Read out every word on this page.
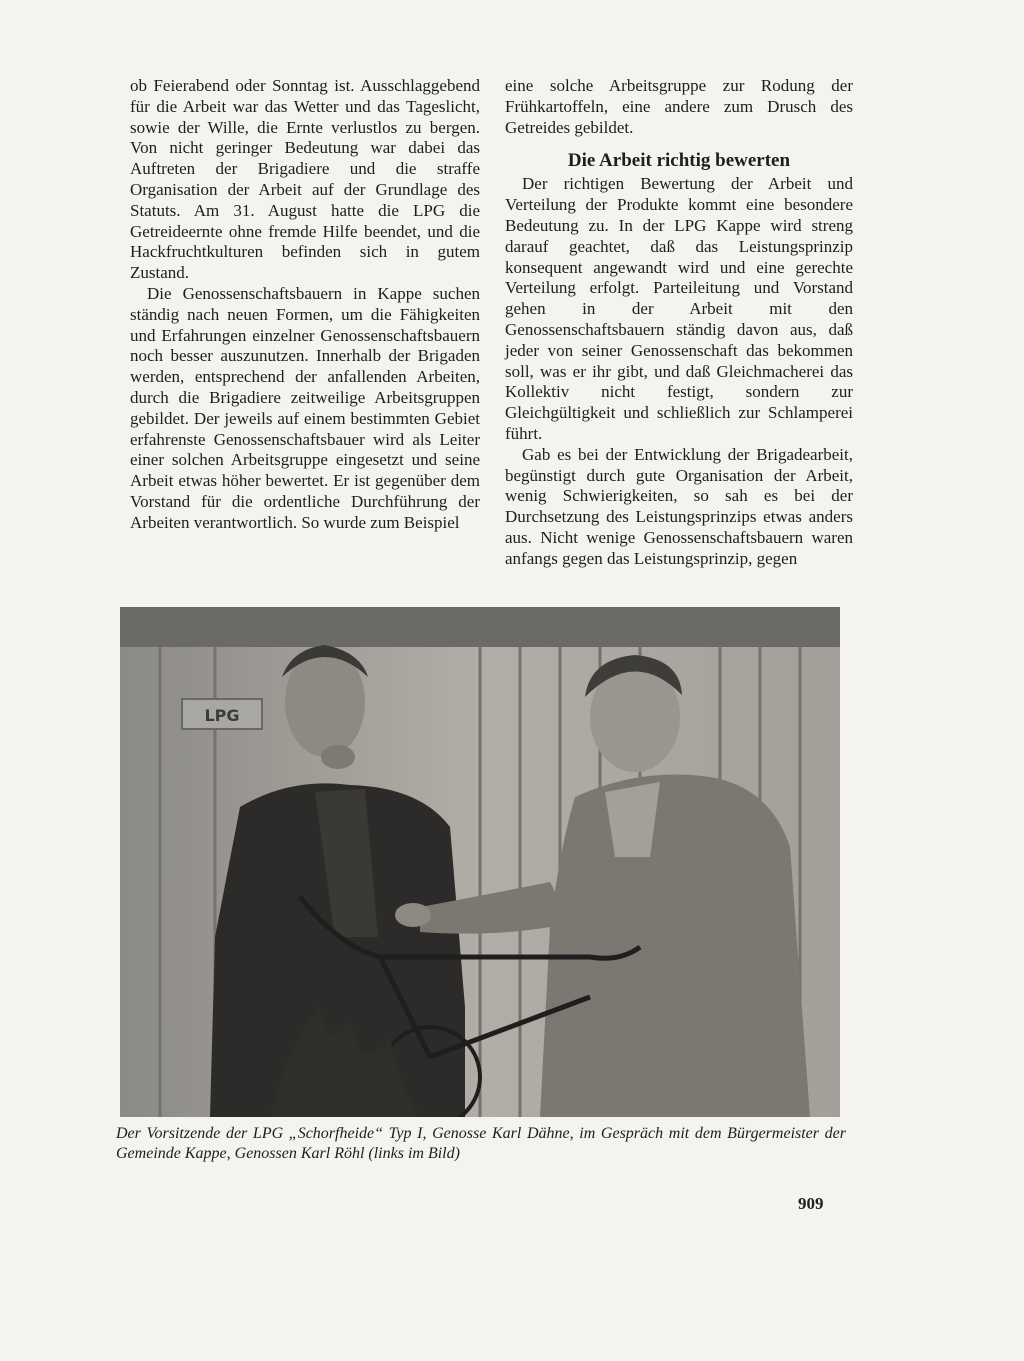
ob Feierabend oder Sonntag ist. Ausschlaggebend für die Arbeit war das Wetter und das Tageslicht, sowie der Wille, die Ernte verlustlos zu bergen. Von nicht geringer Bedeutung war dabei das Auftreten der Brigadiere und die straffe Organisation der Arbeit auf der Grundlage des Statuts. Am 31. August hatte die LPG die Getreideernte ohne fremde Hilfe beendet, und die Hackfruchtkulturen befinden sich in gutem Zustand.

Die Genossenschaftsbauern in Kappe suchen ständig nach neuen Formen, um die Fähigkeiten und Erfahrungen einzelner Genossenschaftsbauern noch besser auszunutzen. Innerhalb der Brigaden werden, entsprechend der anfallenden Arbeiten, durch die Brigadiere zeitweilige Arbeitsgruppen gebildet. Der jeweils auf einem bestimmten Gebiet erfahrenste Genossenschaftsbauer wird als Leiter einer solchen Arbeitsgruppe eingesetzt und seine Arbeit etwas höher bewertet. Er ist gegenüber dem Vorstand für die ordentliche Durchführung der Arbeiten verantwortlich. So wurde zum Beispiel

eine solche Arbeitsgruppe zur Rodung der Frühkartoffeln, eine andere zum Drusch des Getreides gebildet.

Die Arbeit richtig bewerten

Der richtigen Bewertung der Arbeit und Verteilung der Produkte kommt eine besondere Bedeutung zu. In der LPG Kappe wird streng darauf geachtet, daß das Leistungsprinzip konsequent angewandt wird und eine gerechte Verteilung erfolgt. Parteileitung und Vorstand gehen in der Arbeit mit den Genossenschaftsbauern ständig davon aus, daß jeder von seiner Genossenschaft das bekommen soll, was er ihr gibt, und daß Gleichmacherei das Kollektiv nicht festigt, sondern zur Gleichgültigkeit und schließlich zur Schlamperei führt.

Gab es bei der Entwicklung der Brigadearbeit, begünstigt durch gute Organisation der Arbeit, wenig Schwierigkeiten, so sah es bei der Durchsetzung des Leistungsprinzips etwas anders aus. Nicht wenige Genossenschaftsbauern waren anfangs gegen das Leistungsprinzip, gegen

LPG
Der Vorsitzende der LPG „Schorfheide“ Typ I, Genosse Karl Dähne, im Gespräch mit dem Bürgermeister der Gemeinde Kappe, Genossen Karl Röhl (links im Bild)
909
